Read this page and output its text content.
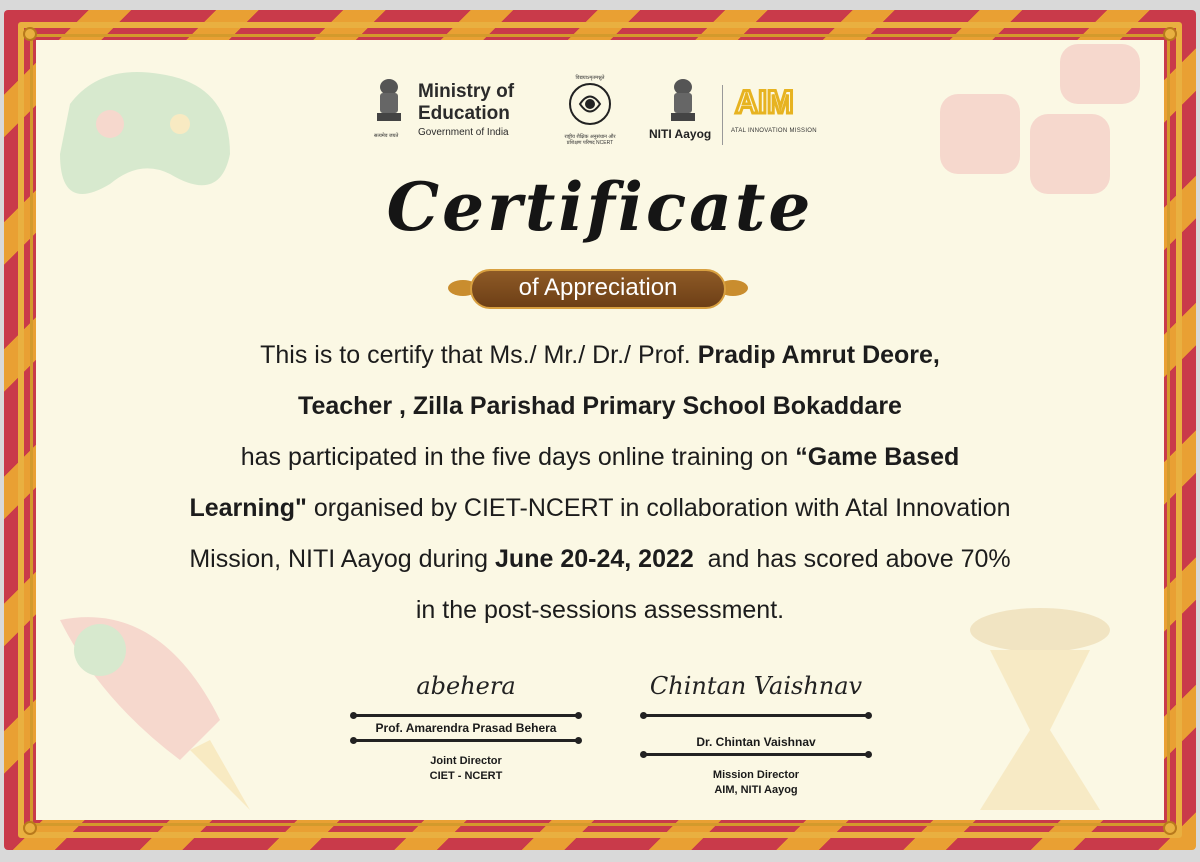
सत्यमेव जयते
Ministry of
Education
Government of India
विद्ययाऽमृतमश्नुते
राष्ट्रीय शैक्षिक अनुसंधान और प्रशिक्षण परिषद NCERT
NITI Aayog
AIM
ATAL INNOVATION MISSION
Certificate
of Appreciation
This is to certify that Ms./ Mr./ Dr./ Prof. Pradip Amrut Deore,
Teacher , Zilla Parishad Primary School Bokaddare
has participated in the five days online training on “Game Based
Learning" organised by CIET-NCERT in collaboration with Atal Innovation
Mission, NITI Aayog during June 20-24, 2022  and has scored above 70%
in the post-sessions assessment.
abehera
Prof. Amarendra Prasad Behera
Joint Director
CIET - NCERT
Chintan Vaishnav
Dr. Chintan Vaishnav
Mission Director
AIM, NITI Aayog
